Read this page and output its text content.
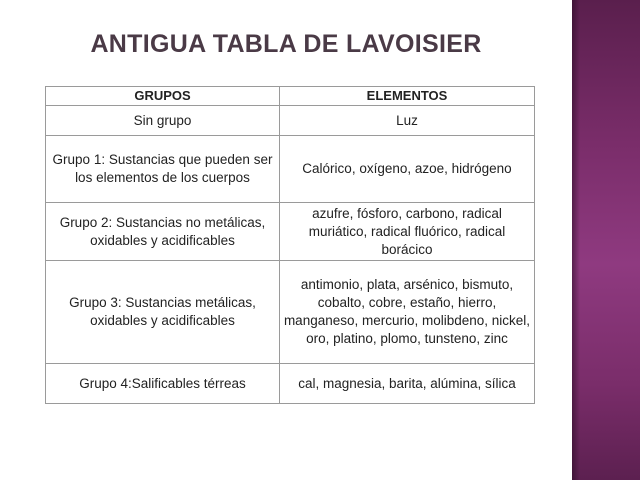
ANTIGUA TABLA DE LAVOISIER
GRUPOS	ELEMENTOS
Sin grupo	Luz
Grupo 1: Sustancias que pueden ser los elementos de los cuerpos	Calórico, oxígeno, azoe, hidrógeno
Grupo 2: Sustancias no metálicas, oxidables y acidificables	azufre, fósforo, carbono, radical muriático, radical fluórico, radical borácico
Grupo 3: Sustancias metálicas, oxidables y acidificables	antimonio, plata, arsénico, bismuto, cobalto, cobre, estaño, hierro, manganeso, mercurio, molibdeno, nickel, oro, platino, plomo, tunsteno, zinc
Grupo 4:Salificables térreas	cal, magnesia, barita, alúmina, sílica
